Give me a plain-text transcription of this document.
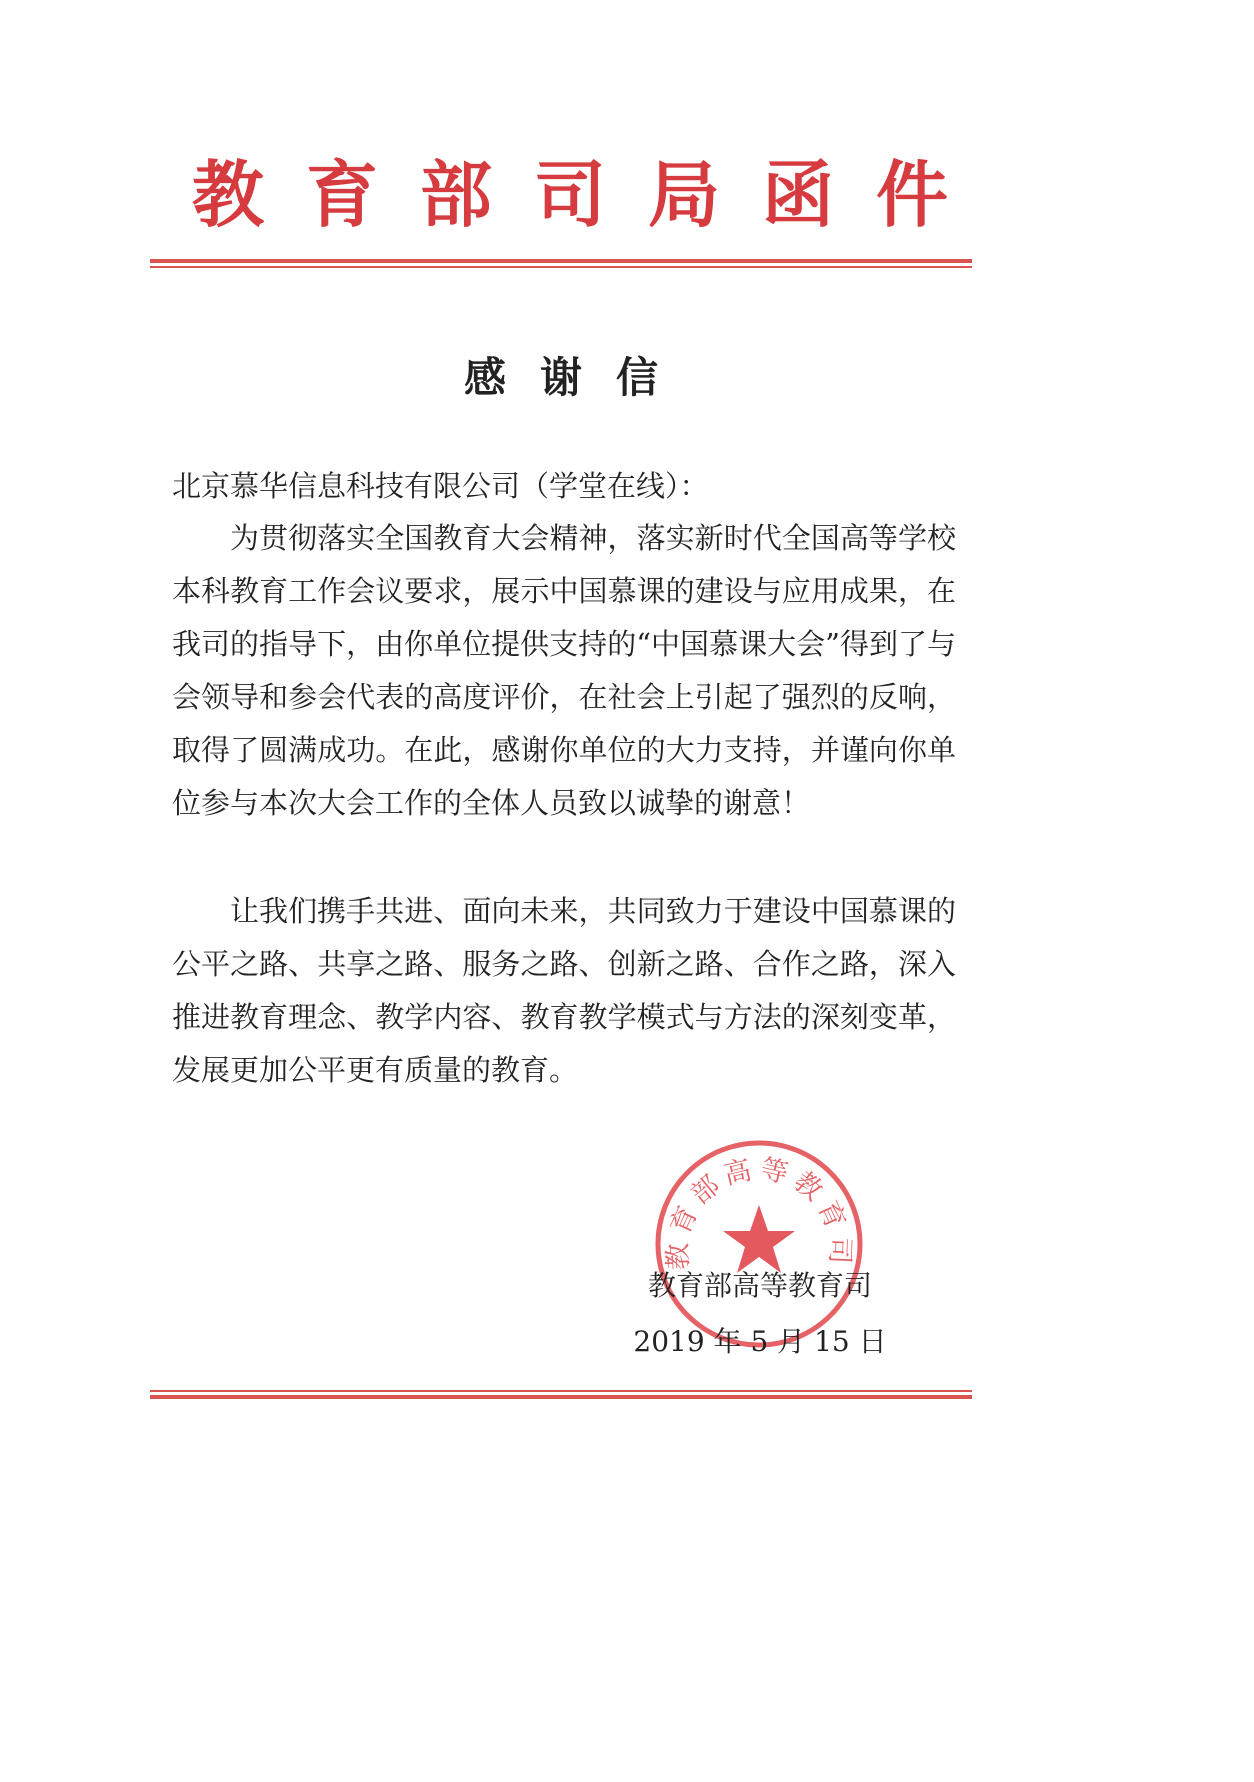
教育部司局函件
感谢信
北京慕华信息科技有限公司（学堂在线）：
为贯彻落实全国教育大会精神，落实新时代全国高等学校本科教育工作会议要求，展示中国慕课的建设与应用成果，在我司的指导下，由你单位提供支持的“中国慕课大会”得到了与会领导和参会代表的高度评价，在社会上引起了强烈的反响，取得了圆满成功。在此，感谢你单位的大力支持，并谨向你单位参与本次大会工作的全体人员致以诚挚的谢意！
让我们携手共进、面向未来，共同致力于建设中国慕课的公平之路、共享之路、服务之路、创新之路、合作之路，深入推进教育理念、教学内容、教育教学模式与方法的深刻变革，发展更加公平更有质量的教育。
教育部高等教育司
教育部高等教育司
2019 年 5 月 15 日
